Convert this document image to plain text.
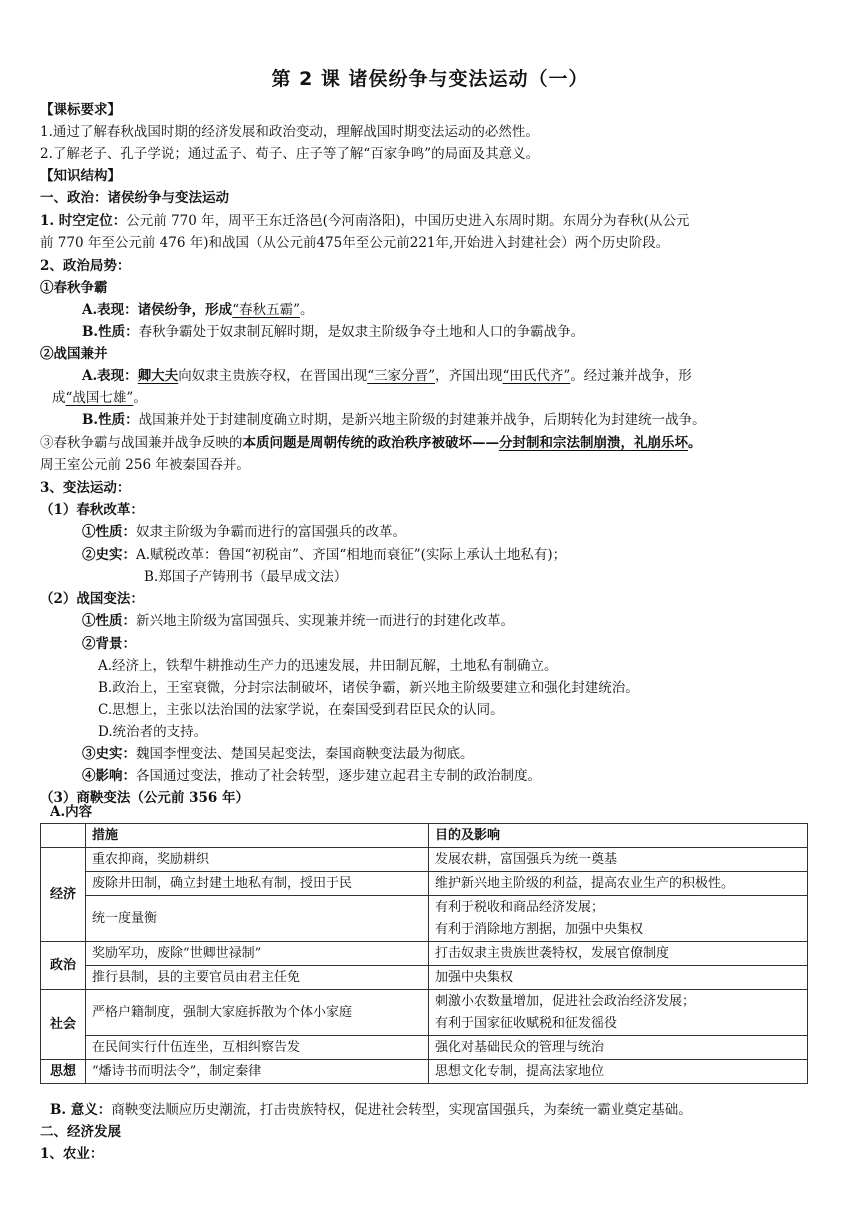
第 2 课 诸侯纷争与变法运动（一）
【课标要求】
1.通过了解春秋战国时期的经济发展和政治变动，理解战国时期变法运动的必然性。
2.了解老子、孔子学说；通过孟子、荀子、庄子等了解“百家争鸣”的局面及其意义。
【知识结构】
一、政治：诸侯纷争与变法运动
1. 时空定位：公元前 770 年，周平王东迁洛邑(今河南洛阳)，中国历史进入东周时期。东周分为春秋(从公元
前 770 年至公元前 476 年)和战国（从公元前475年至公元前221年,开始进入封建社会）两个历史阶段。
2、政治局势：
①春秋争霸
A.表现：诸侯纷争，形成“春秋五霸”。
B.性质：春秋争霸处于奴隶制瓦解时期，是奴隶主阶级争夺土地和人口的争霸战争。
②战国兼并
A.表现：卿大夫向奴隶主贵族夺权，在晋国出现“三家分晋”，齐国出现“田氏代齐”。经过兼并战争，形
成“战国七雄”。
B.性质：战国兼并处于封建制度确立时期，是新兴地主阶级的封建兼并战争，后期转化为封建统一战争。
③春秋争霸与战国兼并战争反映的本质问题是周朝传统的政治秩序被破坏——分封制和宗法制崩溃，礼崩乐坏。
周王室公元前 256 年被秦国吞并。
3、变法运动：
（1）春秋改革：
①性质：奴隶主阶级为争霸而进行的富国强兵的改革。
②史实：A.赋税改革：鲁国“初税亩”、齐国“相地而衰征”(实际上承认土地私有)；
B.郑国子产铸刑书（最早成文法）
（2）战国变法：
①性质：新兴地主阶级为富国强兵、实现兼并统一而进行的封建化改革。
②背景：
A.经济上，铁犁牛耕推动生产力的迅速发展，井田制瓦解，土地私有制确立。
B.政治上，王室衰微，分封宗法制破坏，诸侯争霸，新兴地主阶级要建立和强化封建统治。
C.思想上，主张以法治国的法家学说，在秦国受到君臣民众的认同。
D.统治者的支持。
③史实：魏国李悝变法、楚国吴起变法，秦国商鞅变法最为彻底。
④影响：各国通过变法，推动了社会转型，逐步建立起君主专制的政治制度。
（3）商鞅变法（公元前 356 年）
A.内容
	措施	目的及影响
经济	重农抑商，奖励耕织	发展农耕，富国强兵为统一奠基
	废除井田制，确立封建土地私有制，授田于民	维护新兴地主阶级的利益，提高农业生产的积极性。
	统一度量衡	有利于税收和商品经济发展；
有利于消除地方割据，加强中央集权

政治	奖励军功，废除“世卿世禄制”	打击奴隶主贵族世袭特权，发展官僚制度
	推行县制，县的主要官员由君主任免	加强中央集权
社会	严格户籍制度，强制大家庭拆散为个体小家庭	刺激小农数量增加，促进社会政治经济发展；
有利于国家征收赋税和征发徭役

	在民间实行什伍连坐，互相纠察告发	强化对基础民众的管理与统治
思想	“燔诗书而明法令”，制定秦律	思想文化专制，提高法家地位
B. 意义：商鞅变法顺应历史潮流，打击贵族特权，促进社会转型，实现富国强兵，为秦统一霸业奠定基础。
二、经济发展
1、农业：
